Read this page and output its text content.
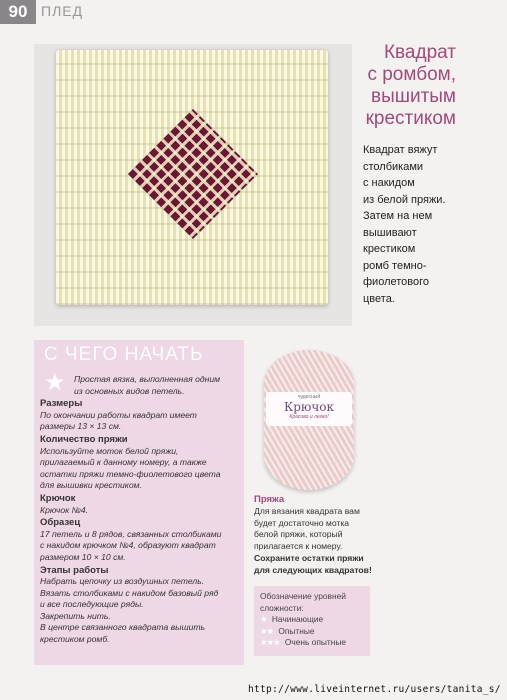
90 ПЛЕД
Квадрат
с ромбом,
вышитым
крестиком
Квадрат вяжут
столбиками
с накидом
из белой пряжи.
Затем на нем
вышивают
крестиком
ромб темно-
фиолетового
цвета.
С ЧЕГО НАЧАТЬ
★ Простая вязка, выполненная одним
из основных видов петель.
Размеры
По окончании работы квадрат имеет
размеры 13 × 13 см.
Количество пряжи
Используйте моток белой пряжи,
прилагаемый к данному номеру, а также
остатки пряжи темно-фиолетового цвета
для вышивки крестиком.
Крючок
Крючок №4.
Образец
17 петель и 8 рядов, связанных столбиками
с накидом крючком №4, образуют квадрат
размером 10 × 10 см.
Этапы работы
Набрать цепочку из воздушных петель.
Вязать столбиками с накидом базовый ряд
и все последующие ряды.
Закрепить нить.
В центре связанного квадрата вышить
крестиком ромб.
чудесный
Крючок
Красиво и легко!
Пряжа
Для вязания квадрата вам
будет достаточно мотка
белой пряжи, который
прилагается к номеру.
Сохраните остатки пряжи
для следующих квадратов!
Обозначение уровней
сложности:
★ Начинающие
★★ Опытные
★★★ Очень опытные
http://www.liveinternet.ru/users/tanita_s/
